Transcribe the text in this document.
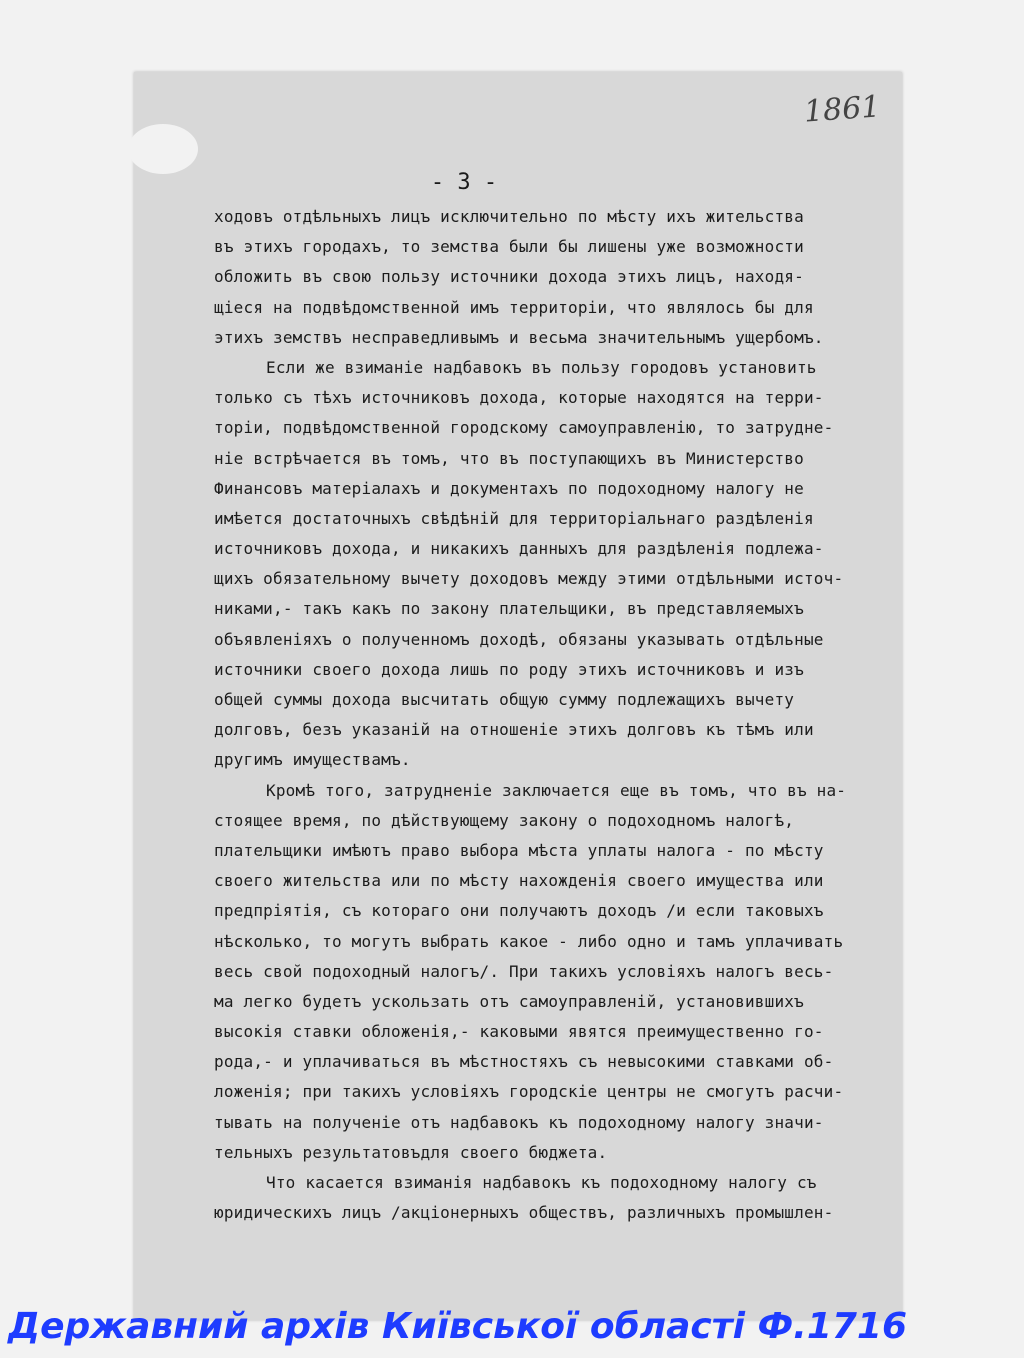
1861
- 3 -
ходовъ отдѣльныхъ лицъ исключительно по мѣсту ихъ жительства
въ этихъ городахъ, то земства были бы лишены уже возможности
обложить въ свою пользу источники дохода этихъ лицъ, находя-
щіеся на подвѣдомственной имъ территоріи, что являлось бы для
этихъ земствъ несправедливымъ и весьма значительнымъ ущербомъ.
Если же взиманіе надбавокъ въ пользу городовъ установить
только съ тѣхъ источниковъ дохода, которые находятся на терри-
торіи, подвѣдомственной городскому самоуправленію, то затрудне-
ніе встрѣчается въ томъ, что въ поступающихъ въ Министерство
Финансовъ матеріалахъ и документахъ по подоходному налогу не
имѣется достаточныхъ свѣдѣній для территоріальнаго раздѣленія
источниковъ дохода, и никакихъ данныхъ для раздѣленія подлежа-
щихъ обязательному вычету доходовъ между этими отдѣльными источ-
никами,- такъ какъ по закону плательщики, въ представляемыхъ
объявленіяхъ о полученномъ доходѣ, обязаны указывать отдѣльные
источники своего дохода лишь по роду этихъ источниковъ и изъ
общей суммы дохода высчитать общую сумму подлежащихъ вычету
долговъ, безъ указаній на отношеніе этихъ долговъ къ тѣмъ или
другимъ имуществамъ.
Кромѣ того, затрудненіе заключается еще въ томъ, что въ на-
стоящее время, по дѣйствующему закону о подоходномъ налогѣ,
плательщики имѣютъ право выбора мѣста уплаты налога - по мѣсту
своего жительства или по мѣсту нахожденія своего имущества или
предпріятія, съ котораго они получаютъ доходъ /и если таковыхъ
нѣсколько, то могутъ выбрать какое - либо одно и тамъ уплачивать
весь свой подоходный налогъ/. При такихъ условіяхъ налогъ весь-
ма легко будетъ ускользать отъ самоуправленій, установившихъ
высокія ставки обложенія,- каковыми явятся преимущественно го-
рода,- и уплачиваться въ мѣстностяхъ съ невысокими ставками об-
ложенія; при такихъ условіяхъ городскіе центры не смогутъ расчи-
тывать на полученіе отъ надбавокъ къ подоходному налогу значи-
тельныхъ результатовъдля своего бюджета.
Что касается взиманія надбавокъ къ подоходному налогу съ
юридическихъ лицъ /акціонерныхъ обществъ, различныхъ промышлен-
Державний архів Київської області Ф.1716
